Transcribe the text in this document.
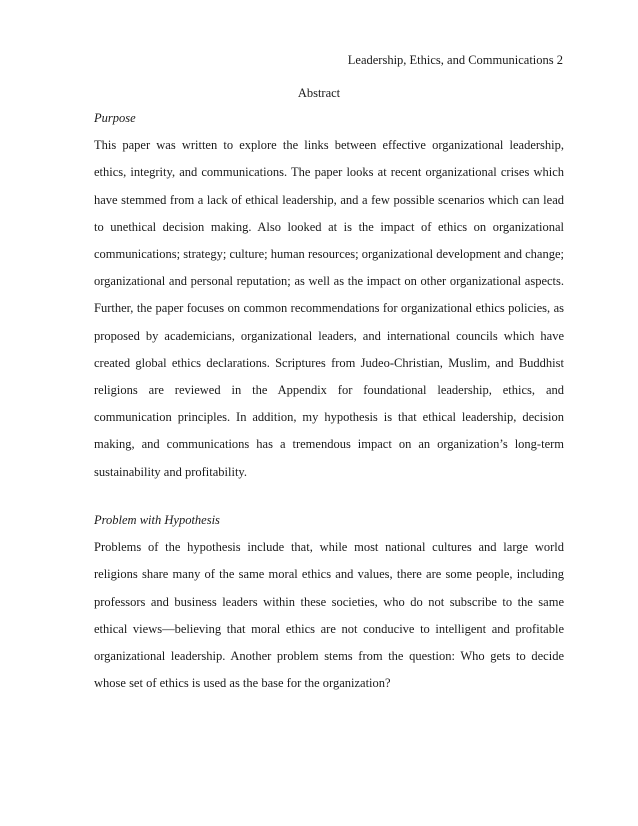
Leadership, Ethics, and Communications 2
Abstract

Purpose

This paper was written to explore the links between effective organizational leadership, ethics, integrity, and communications. The paper looks at recent organizational crises which have stemmed from a lack of ethical leadership, and a few possible scenarios which can lead to unethical decision making. Also looked at is the impact of ethics on organizational communications; strategy; culture; human resources; organizational development and change; organizational and personal reputation; as well as the impact on other organizational aspects. Further, the paper focuses on common recommendations for organizational ethics policies, as proposed by academicians, organizational leaders, and international councils which have created global ethics declarations. Scriptures from Judeo-Christian, Muslim, and Buddhist religions are reviewed in the Appendix for foundational leadership, ethics, and communication principles. In addition, my hypothesis is that ethical leadership, decision making, and communications has a tremendous impact on an organization’s long-term sustainability and profitability.

Problem with Hypothesis

Problems of the hypothesis include that, while most national cultures and large world religions share many of the same moral ethics and values, there are some people, including professors and business leaders within these societies, who do not subscribe to the same ethical views—believing that moral ethics are not conducive to intelligent and profitable organizational leadership. Another problem stems from the question: Who gets to decide whose set of ethics is used as the base for the organization?
